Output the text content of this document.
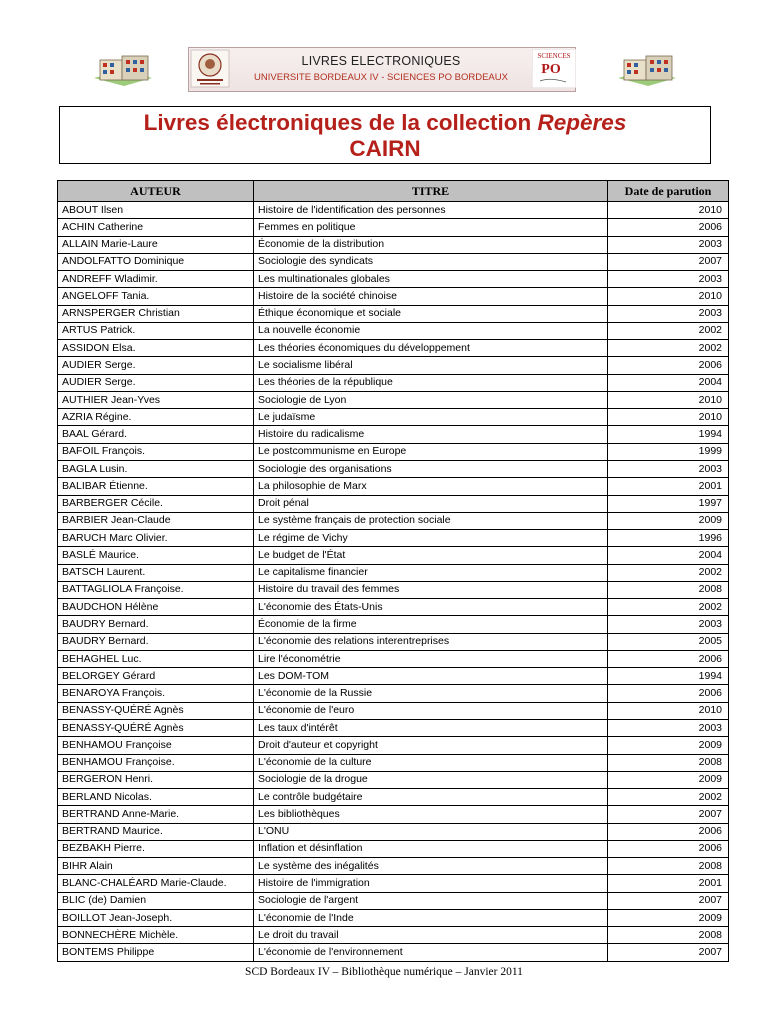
LIVRES ELECTRONIQUES
UNIVERSITE BORDEAUX IV - SCIENCES PO BORDEAUX
SCIENCES
PO
Livres électroniques de la collection Repères
CAIRN
AUTEUR	TITRE	Date de parution
ABOUT Ilsen	Histoire de l'identification des personnes	2010
ACHIN Catherine	Femmes en politique	2006
ALLAIN Marie-Laure	Économie de la distribution	2003
ANDOLFATTO Dominique	Sociologie des syndicats	2007
ANDREFF Wladimir.	Les multinationales globales	2003
ANGELOFF Tania.	Histoire de la société chinoise	2010
ARNSPERGER Christian	Éthique économique et sociale	2003
ARTUS Patrick.	La nouvelle économie	2002
ASSIDON Elsa.	Les théories économiques du développement	2002
AUDIER Serge.	Le socialisme libéral	2006
AUDIER Serge.	Les théories de la république	2004
AUTHIER Jean-Yves	Sociologie de Lyon	2010
AZRIA Régine.	Le judaïsme	2010
BAAL Gérard.	Histoire du radicalisme	1994
BAFOIL François.	Le postcommunisme en Europe	1999
BAGLA Lusin.	Sociologie des organisations	2003
BALIBAR Étienne.	La philosophie de Marx	2001
BARBERGER Cécile.	Droit pénal	1997
BARBIER Jean-Claude	Le système français de protection sociale	2009
BARUCH Marc Olivier.	Le régime de Vichy	1996
BASLÉ Maurice.	Le budget de l'État	2004
BATSCH Laurent.	Le capitalisme financier	2002
BATTAGLIOLA Françoise.	Histoire du travail des femmes	2008
BAUDCHON Hélène	L'économie des États-Unis	2002
BAUDRY Bernard.	Économie de la firme	2003
BAUDRY Bernard.	L'économie des relations interentreprises	2005
BEHAGHEL Luc.	Lire l'économétrie	2006
BELORGEY Gérard	Les DOM-TOM	1994
BENAROYA François.	L'économie de la Russie	2006
BENASSY-QUÉRÉ Agnès	L'économie de l'euro	2010
BENASSY-QUÉRÉ Agnès	Les taux d'intérêt	2003
BENHAMOU Françoise	Droit d'auteur et copyright	2009
BENHAMOU Françoise.	L'économie de la culture	2008
BERGERON Henri.	Sociologie de la drogue	2009
BERLAND Nicolas.	Le contrôle budgétaire	2002
BERTRAND Anne-Marie.	Les bibliothèques	2007
BERTRAND Maurice.	L'ONU	2006
BEZBAKH Pierre.	Inflation et désinflation	2006
BIHR Alain	Le système des inégalités	2008
BLANC-CHALÉARD Marie-Claude.	Histoire de l'immigration	2001
BLIC (de) Damien	Sociologie de l'argent	2007
BOILLOT Jean-Joseph.	L'économie de l'Inde	2009
BONNECHÈRE Michèle.	Le droit du travail	2008
BONTEMS Philippe	L'économie de l'environnement	2007
SCD Bordeaux IV – Bibliothèque numérique – Janvier 2011
